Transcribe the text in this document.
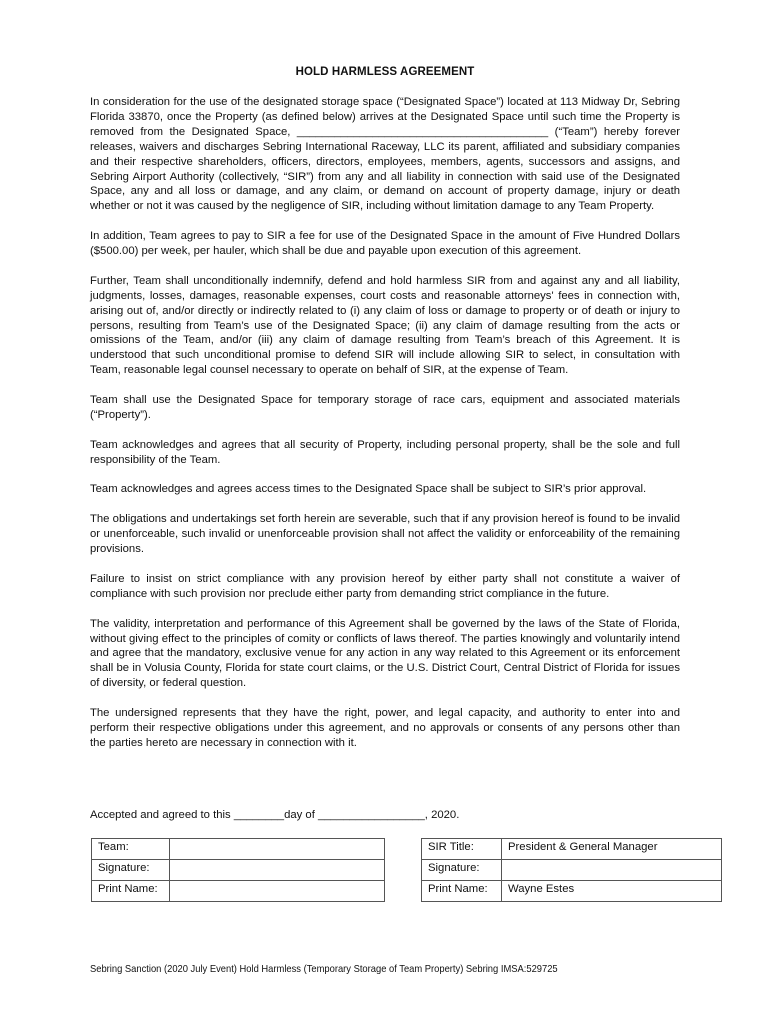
HOLD HARMLESS AGREEMENT

In consideration for the use of the designated storage space (“Designated Space”) located at 113 Midway Dr, Sebring Florida 33870, once the Property (as defined below) arrives at the Designated Space until such time the Property is removed from the Designated Space, ________________________________________ (“Team”) hereby forever releases, waivers and discharges Sebring International Raceway, LLC its parent, affiliated and subsidiary companies and their respective shareholders, officers, directors, employees, members, agents, successors and assigns, and Sebring Airport Authority (collectively, “SIR”) from any and all liability in connection with said use of the Designated Space, any and all loss or damage, and any claim, or demand on account of property damage, injury or death whether or not it was caused by the negligence of SIR, including without limitation damage to any Team Property.

In addition, Team agrees to pay to SIR a fee for use of the Designated Space in the amount of Five Hundred Dollars ($500.00) per week, per hauler, which shall be due and payable upon execution of this agreement.

Further, Team shall unconditionally indemnify, defend and hold harmless SIR from and against any and all liability, judgments, losses, damages, reasonable expenses, court costs and reasonable attorneys' fees in connection with, arising out of, and/or directly or indirectly related to (i) any claim of loss or damage to property or of death or injury to persons, resulting from Team’s use of the Designated Space; (ii) any claim of damage resulting from the acts or omissions of the Team, and/or (iii) any claim of damage resulting from Team’s breach of this Agreement. It is understood that such unconditional promise to defend SIR will include allowing SIR to select, in consultation with Team, reasonable legal counsel necessary to operate on behalf of SIR, at the expense of Team.

Team shall use the Designated Space for temporary storage of race cars, equipment and associated materials (“Property”).

Team acknowledges and agrees that all security of Property, including personal property, shall be the sole and full responsibility of the Team.

Team acknowledges and agrees access times to the Designated Space shall be subject to SIR’s prior approval.

The obligations and undertakings set forth herein are severable, such that if any provision hereof is found to be invalid or unenforceable, such invalid or unenforceable provision shall not affect the validity or enforceability of the remaining provisions.

Failure to insist on strict compliance with any provision hereof by either party shall not constitute a waiver of compliance with such provision nor preclude either party from demanding strict compliance in the future.

The validity, interpretation and performance of this Agreement shall be governed by the laws of the State of Florida, without giving effect to the principles of comity or conflicts of laws thereof. The parties knowingly and voluntarily intend and agree that the mandatory, exclusive venue for any action in any way related to this Agreement or its enforcement shall be in Volusia County, Florida for state court claims, or the U.S. District Court, Central District of Florida for issues of diversity, or federal question.

The undersigned represents that they have the right, power, and legal capacity, and authority to enter into and perform their respective obligations under this agreement, and no approvals or consents of any persons other than the parties hereto are necessary in connection with it.

Accepted and agreed to this ________day of _________________, 2020.
Team:	
Signature:	
Print Name:	
SIR Title:	President & General Manager
Signature:	
Print Name:	Wayne Estes
Sebring Sanction (2020 July Event) Hold Harmless (Temporary Storage of Team Property) Sebring IMSA:529725
